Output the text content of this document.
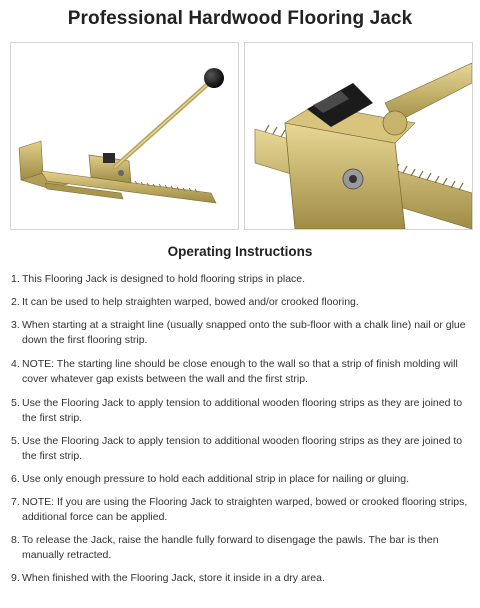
Professional Hardwood Flooring Jack
Operating Instructions
1. This Flooring Jack is designed to hold flooring strips in place.
2. It can be used to help straighten warped, bowed and/or crooked flooring.
3. When starting at a straight line (usually snapped onto the sub-floor with a chalk line) nail or glue down the first flooring strip.
4. NOTE: The starting line should be close enough to the wall so that a strip of finish molding will cover whatever gap exists between the wall and the first strip.
5. Use the Flooring Jack to apply tension to additional wooden flooring strips as they are joined to the first strip.
5. Use the Flooring Jack to apply tension to additional wooden flooring strips as they are joined to the first strip.
6. Use only enough pressure to hold each additional strip in place for nailing or gluing.
7. NOTE: If you are using the Flooring Jack to straighten warped, bowed or crooked flooring strips, additional force can be applied.
8. To release the Jack, raise the handle fully forward to disengage the pawls. The bar is then manually retracted.
9. When finished with the Flooring Jack, store it inside in a dry area.
